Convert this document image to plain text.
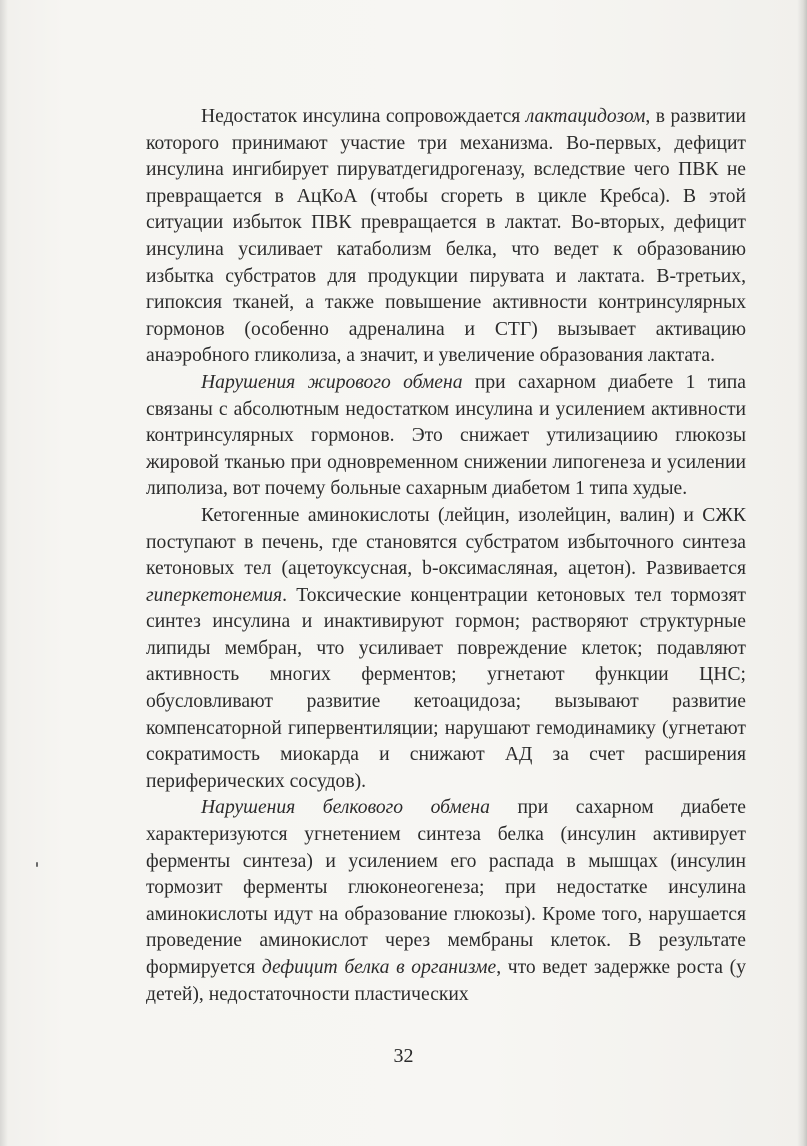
Недостаток инсулина сопровождается лактацидозом, в развитии которого принимают участие три механизма. Во-первых, дефицит инсулина ингибирует пируватдегидрогеназу, вследствие чего ПВК не превращается в АцКоА (чтобы сгореть в цикле Кребса). В этой ситуации избыток ПВК превращается в лактат. Во-вторых, дефицит инсулина усиливает катаболизм белка, что ведет к образованию избытка субстратов для продукции пирувата и лактата. В-третьих, гипоксия тканей, а также повышение активности контринсулярных гормонов (особенно адреналина и СТГ) вызывает активацию анаэробного гликолиза, а значит, и увеличение образования лактата.

Нарушения жирового обмена при сахарном диабете 1 типа связаны с абсолютным недостатком инсулина и усилением активности контринсулярных гормонов. Это снижает утилизациию глюкозы жировой тканью при одновременном снижении липогенеза и усилении липолиза, вот почему больные сахарным диабетом 1 типа худые.

Кетогенные аминокислоты (лейцин, изолейцин, валин) и СЖК поступают в печень, где становятся субстратом избыточного синтеза кетоновых тел (ацетоуксусная, b-оксимасляная, ацетон). Развивается гиперкетонемия. Токсические концентрации кетоновых тел тормозят синтез инсулина и инактивируют гормон; растворяют структурные липиды мембран, что усиливает повреждение клеток; подавляют активность многих ферментов; угнетают функции ЦНС; обусловливают развитие кетоацидоза; вызывают развитие компенсаторной гипервентиляции; нарушают гемодинамику (угнетают сократимость миокарда и снижают АД за счет расширения периферических сосудов).

Нарушения белкового обмена при сахарном диабете характеризуются угнетением синтеза белка (инсулин активирует ферменты синтеза) и усилением его распада в мышцах (инсулин тормозит ферменты глюконеогенеза; при недостатке инсулина аминокислоты идут на образование глюкозы). Кроме того, нарушается проведение аминокислот через мембраны клеток. В результате формируется дефицит белка в организме, что ведет задержке роста (у детей), недостаточности пластических

32
